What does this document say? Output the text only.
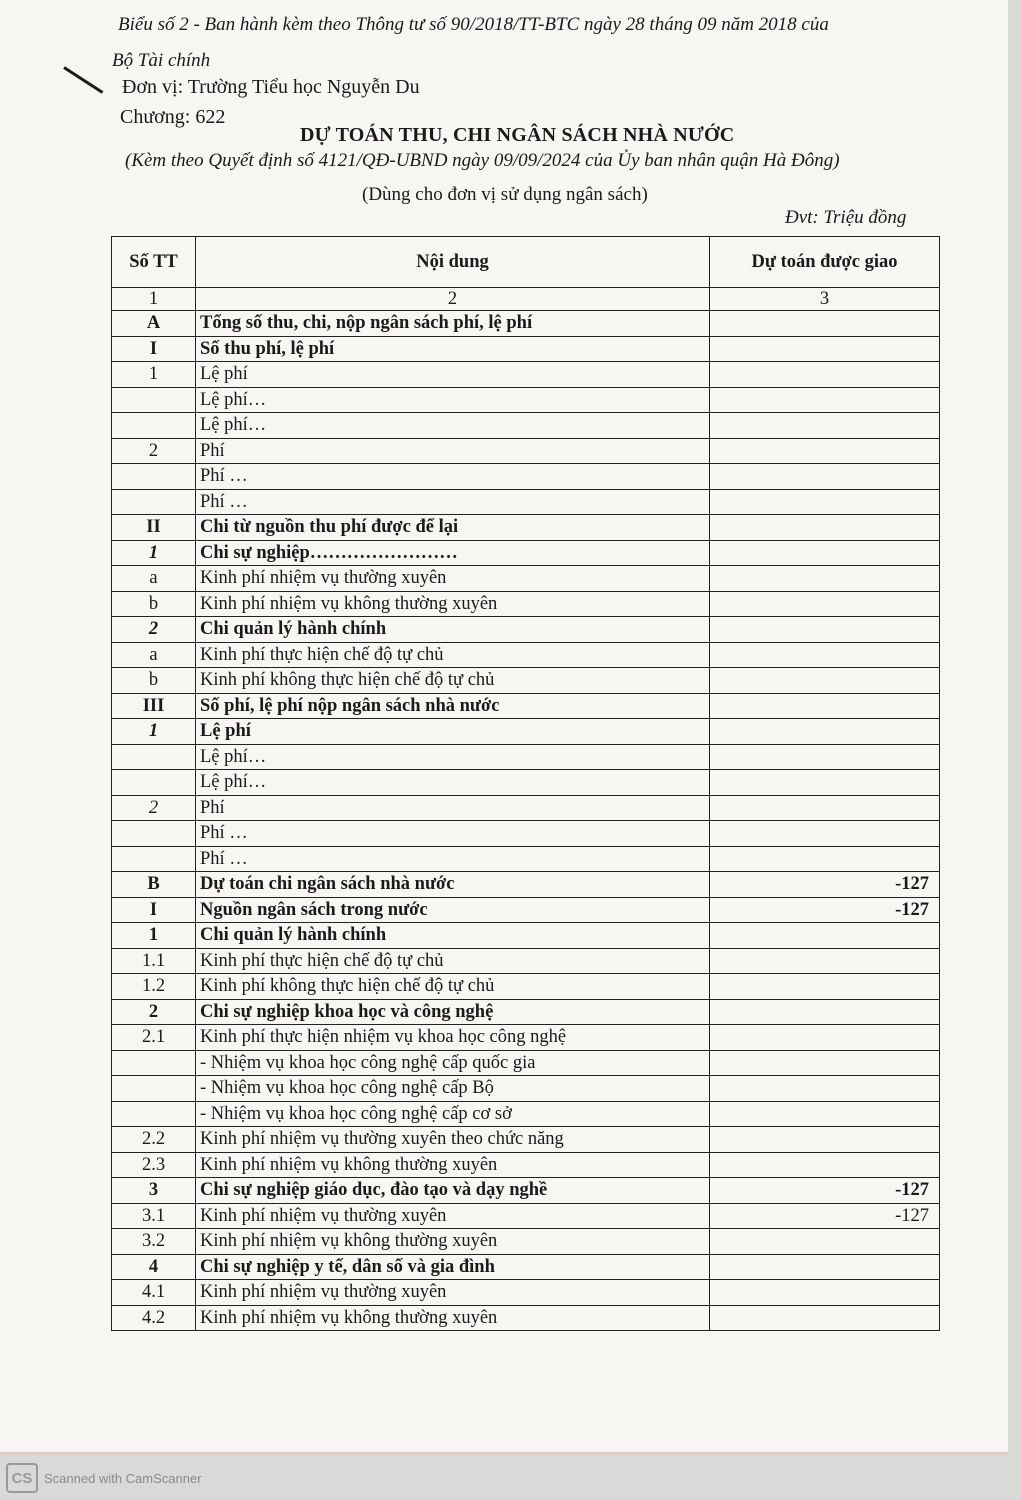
Biểu số 2 - Ban hành kèm theo Thông tư số 90/2018/TT-BTC ngày 28 tháng 09 năm 2018 của
Bộ Tài chính
Đơn vị: Trường Tiểu học Nguyễn Du
Chương: 622
DỰ TOÁN THU, CHI NGÂN SÁCH NHÀ NƯỚC
(Kèm theo Quyết định số 4121/QĐ-UBND ngày 09/09/2024 của Ủy ban nhân quận Hà Đông)
(Dùng cho đơn vị sử dụng ngân sách)
Đvt: Triệu đồng
Số TT	Nội dung	Dự toán được giao
1	2	3
A	Tổng số thu, chi, nộp ngân sách phí, lệ phí	
I	Số thu phí, lệ phí	
1	Lệ phí	
	Lệ phí…	
	Lệ phí…	
2	Phí	
	Phí …	
	Phí …	
II	Chi từ nguồn thu phí được để lại	
1	Chi sự nghiệp……………………	
a	Kinh phí nhiệm vụ thường xuyên	
b	Kinh phí nhiệm vụ không thường xuyên	
2	Chi quản lý hành chính	
a	Kinh phí thực hiện chế độ tự chủ	
b	Kinh phí không thực hiện chế độ tự chủ	
III	Số phí, lệ phí nộp ngân sách nhà nước	
1	Lệ phí	
	Lệ phí…	
	Lệ phí…	
2	Phí	
	Phí …	
	Phí …	
B	Dự toán chi ngân sách nhà nước	-127
I	Nguồn ngân sách trong nước	-127
1	Chi quản lý hành chính	
1.1	Kinh phí thực hiện chế độ tự chủ	
1.2	Kinh phí không thực hiện chế độ tự chủ	
2	Chi sự nghiệp khoa học và công nghệ	
2.1	Kinh phí thực hiện nhiệm vụ khoa học công nghệ	
	- Nhiệm vụ khoa học công nghệ cấp quốc gia	
	- Nhiệm vụ khoa học công nghệ cấp Bộ	
	- Nhiệm vụ khoa học công nghệ cấp cơ sở	
2.2	Kinh phí nhiệm vụ thường xuyên theo chức năng	
2.3	Kinh phí nhiệm vụ không thường xuyên	
3	Chi sự nghiệp giáo dục, đào tạo và dạy nghề	-127
3.1	Kinh phí nhiệm vụ thường xuyên	-127
3.2	Kinh phí nhiệm vụ không thường xuyên	
4	Chi sự nghiệp y tế, dân số và gia đình	
4.1	Kinh phí nhiệm vụ thường xuyên	
4.2	Kinh phí nhiệm vụ không thường xuyên	
CS Scanned with CamScanner
